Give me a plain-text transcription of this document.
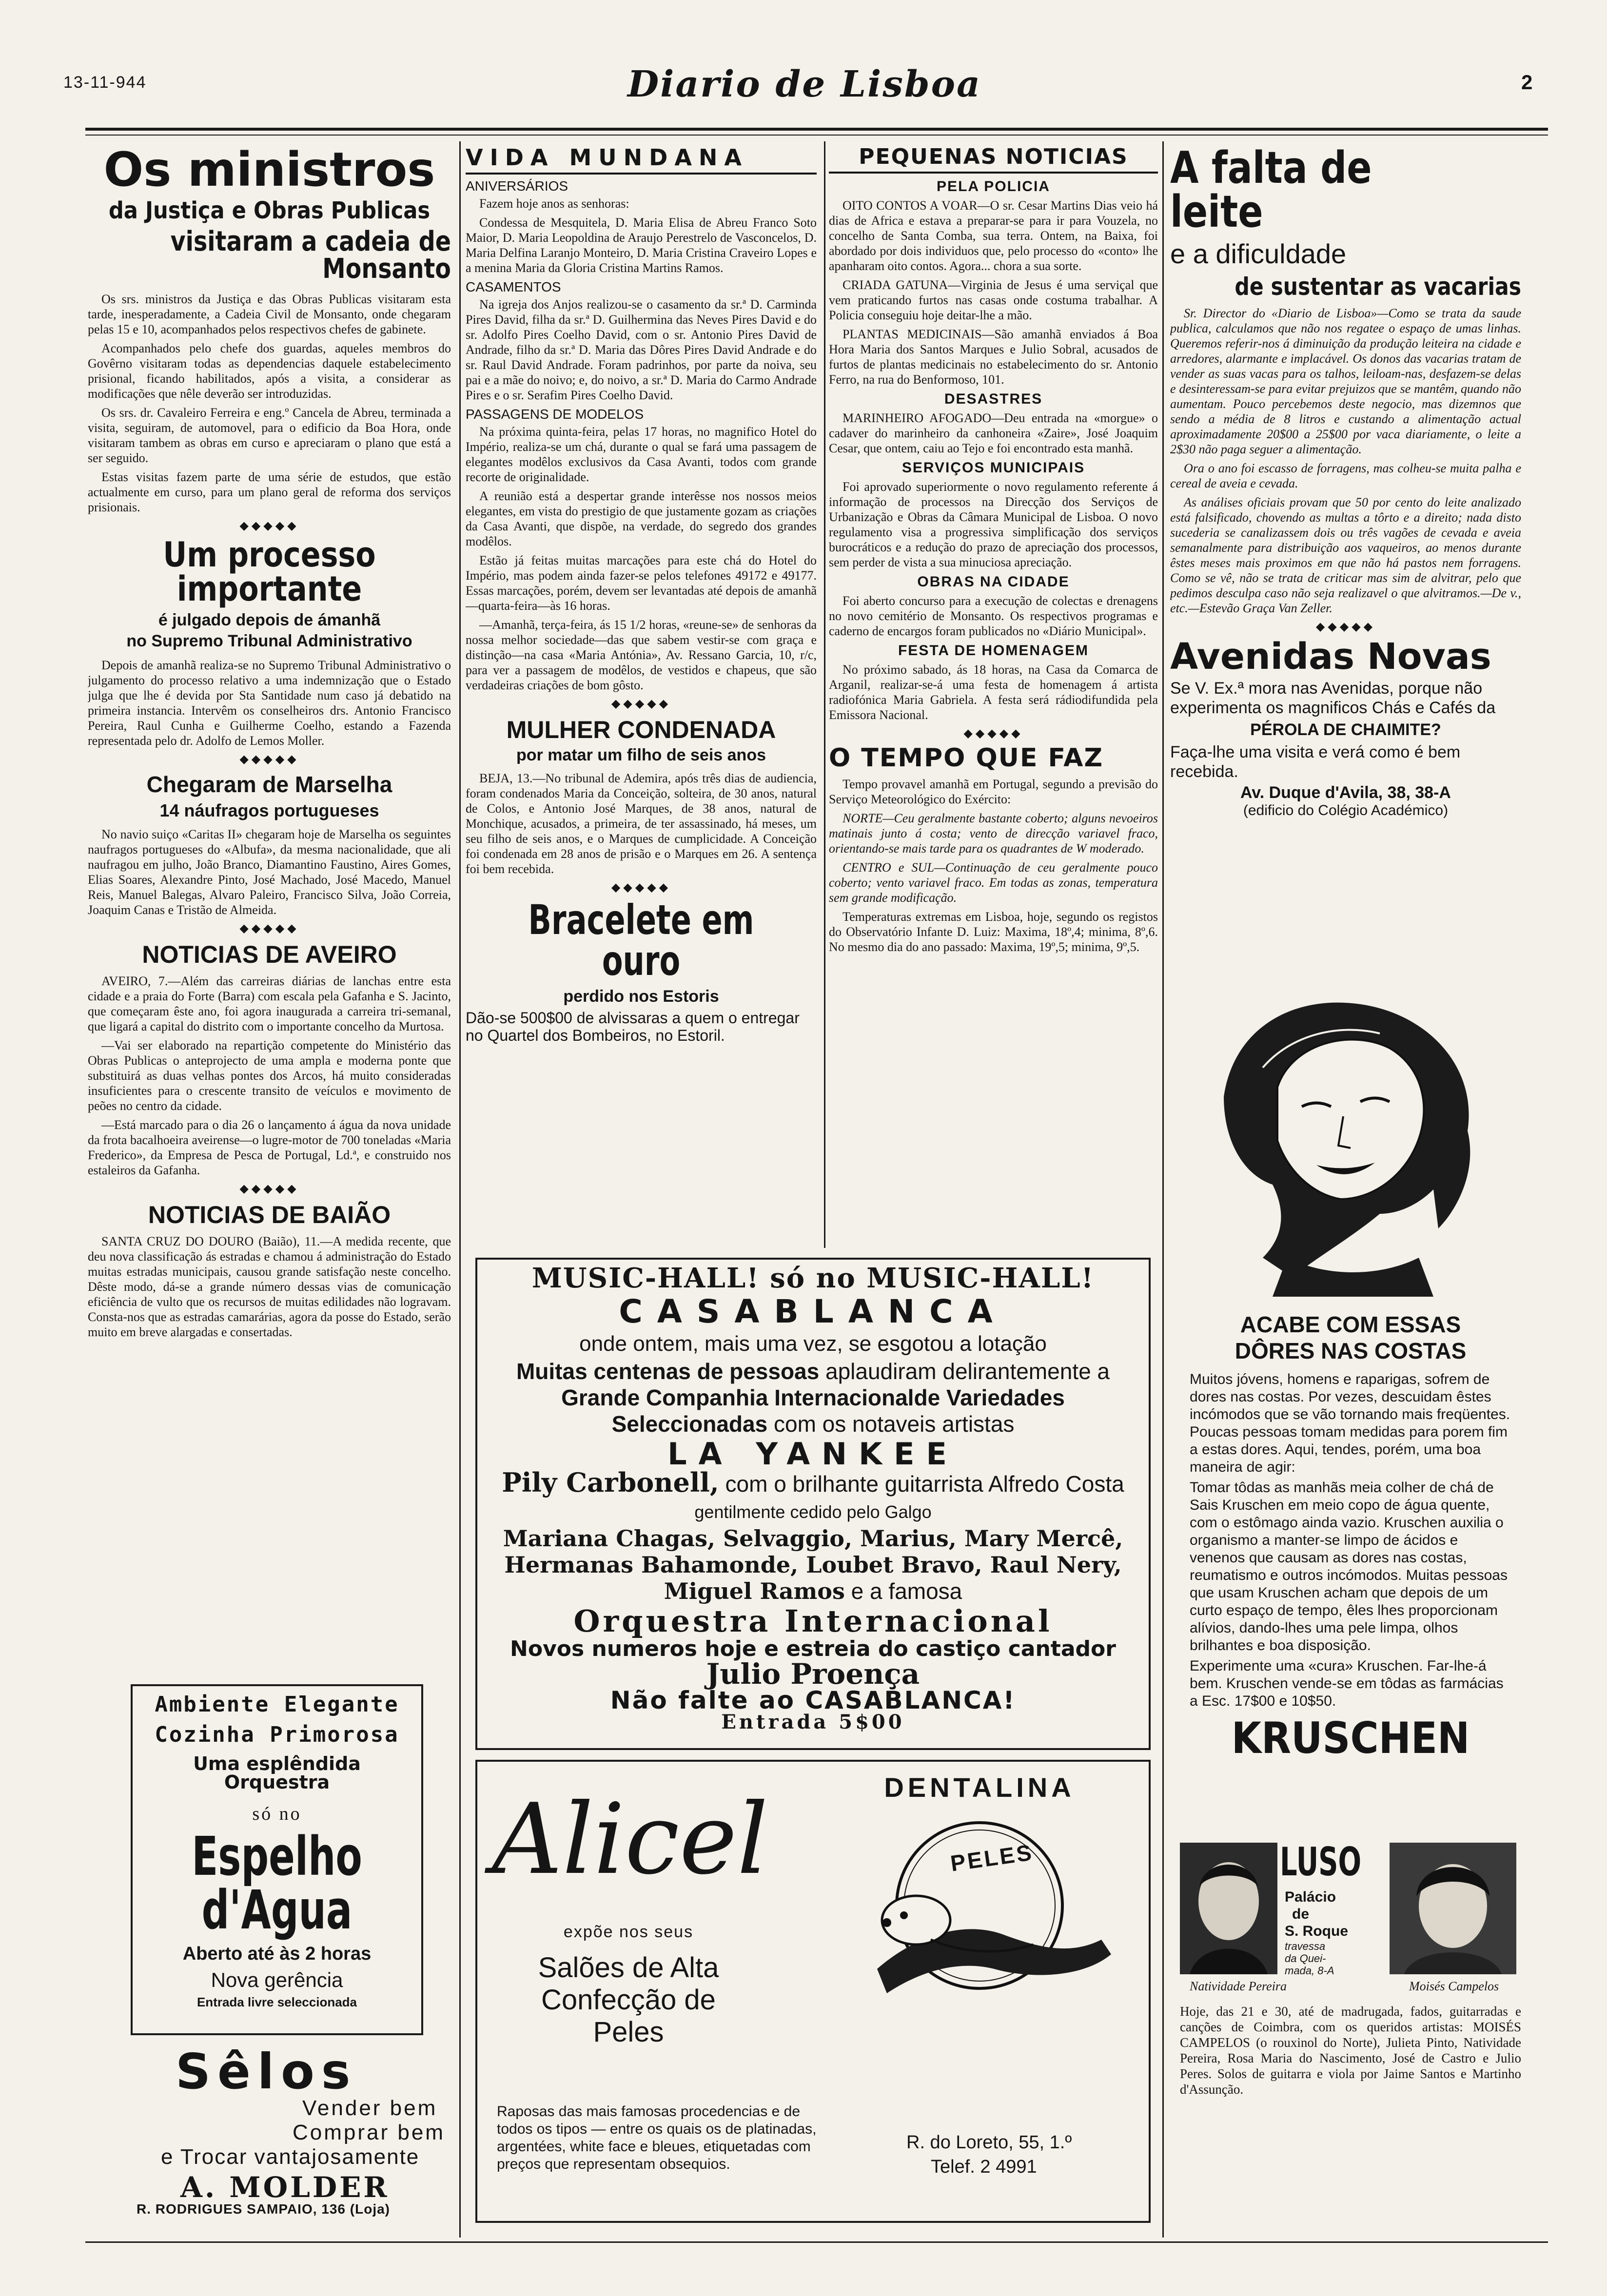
13-11-944	Diario de Lisboa	2
Os ministros
da Justiça e Obras Publicas
visitaram a cadeia de Monsanto

Os srs. ministros da Justiça e das Obras Publicas visitaram esta tarde, inesperadamente, a Cadeia Civil de Monsanto, onde chegaram pelas 15 e 10, acompanhados pelos respectivos chefes de gabinete.

Acompanhados pelo chefe dos guardas, aqueles membros do Govêrno visitaram todas as dependencias daquele estabelecimento prisional, ficando habilitados, após a visita, a considerar as modificações que nêle deverão ser introduzidas.

Os srs. dr. Cavaleiro Ferreira e eng.º Cancela de Abreu, terminada a visita, seguiram, de automovel, para o edificio da Boa Hora, onde visitaram tambem as obras em curso e apreciaram o plano que está a ser seguido.

Estas visitas fazem parte de uma série de estudos, que estão actualmente em curso, para um plano geral de reforma dos serviços prisionais.

◆◆◆◆◆
Um processo importante
é julgado depois de ámanhã
no Supremo Tribunal Administrativo

Depois de amanhã realiza-se no Supremo Tribunal Administrativo o julgamento do processo relativo a uma indemnização que o Estado julga que lhe é devida por Sta Santidade num caso já debatido na primeira instancia. Intervêm os conselheiros drs. Antonio Francisco Pereira, Raul Cunha e Guilherme Coelho, estando a Fazenda representada pelo dr. Adolfo de Lemos Moller.

◆◆◆◆◆
Chegaram de Marselha
14 náufragos portugueses

No navio suiço «Caritas II» chegaram hoje de Marselha os seguintes naufragos portugueses do «Albufa», da mesma nacionalidade, que ali naufragou em julho, João Branco, Diamantino Faustino, Aires Gomes, Elias Soares, Alexandre Pinto, José Machado, José Macedo, Manuel Reis, Manuel Balegas, Alvaro Paleiro, Francisco Silva, João Correia, Joaquim Canas e Tristão de Almeida.

◆◆◆◆◆
NOTICIAS DE AVEIRO

AVEIRO, 7.—Além das carreiras diárias de lanchas entre esta cidade e a praia do Forte (Barra) com escala pela Gafanha e S. Jacinto, que começaram êste ano, foi agora inaugurada a carreira tri-semanal, que ligará a capital do distrito com o importante concelho da Murtosa.

—Vai ser elaborado na repartição competente do Ministério das Obras Publicas o anteprojecto de uma ampla e moderna ponte que substituirá as duas velhas pontes dos Arcos, há muito consideradas insuficientes para o crescente transito de veículos e movimento de peões no centro da cidade.

—Está marcado para o dia 26 o lançamento á água da nova unidade da frota bacalhoeira aveirense—o lugre-motor de 700 toneladas «Maria Frederico», da Empresa de Pesca de Portugal, Ld.ª, e construido nos estaleiros da Gafanha.

◆◆◆◆◆
NOTICIAS DE BAIÃO

SANTA CRUZ DO DOURO (Baião), 11.—A medida recente, que deu nova classificação ás estradas e chamou á administração do Estado muitas estradas municipais, causou grande satisfação neste concelho. Dêste modo, dá-se a grande número dessas vias de comunicação eficiência de vulto que os recursos de muitas edilidades não logravam. Consta-nos que as estradas camarárias, agora da posse do Estado, serão muito em breve alargadas e consertadas.

Ambiente Elegante
Cozinha Primorosa
Uma esplêndida Orquestra
só no
Espelho d'Agua
Aberto até às 2 horas
Nova gerência
Entrada livre seleccionada
Sêlos
Vender bem
Comprar bem
e Trocar vantajosamente
A. MOLDER
R. RODRIGUES SAMPAIO, 136 (Loja)
VIDA MUNDANA
ANIVERSÁRIOS

Fazem hoje anos as senhoras:

Condessa de Mesquitela, D. Maria Elisa de Abreu Franco Soto Maior, D. Maria Leopoldina de Araujo Perestrelo de Vasconcelos, D. Maria Delfina Laranjo Monteiro, D. Maria Cristina Craveiro Lopes e a menina Maria da Gloria Cristina Martins Ramos.

CASAMENTOS

Na igreja dos Anjos realizou-se o casamento da sr.ª D. Carminda Pires David, filha da sr.ª D. Guilhermina das Neves Pires David e do sr. Adolfo Pires Coelho David, com o sr. Antonio Pires David de Andrade, filho da sr.ª D. Maria das Dôres Pires David Andrade e do sr. Raul David Andrade. Foram padrinhos, por parte da noiva, seu pai e a mãe do noivo; e, do noivo, a sr.ª D. Maria do Carmo Andrade Pires e o sr. Serafim Pires Coelho David.

PASSAGENS DE MODELOS

Na próxima quinta-feira, pelas 17 horas, no magnifico Hotel do Império, realiza-se um chá, durante o qual se fará uma passagem de elegantes modêlos exclusivos da Casa Avanti, todos com grande recorte de originalidade.

A reunião está a despertar grande interêsse nos nossos meios elegantes, em vista do prestigio de que justamente gozam as criações da Casa Avanti, que dispõe, na verdade, do segredo dos grandes modêlos.

Estão já feitas muitas marcações para este chá do Hotel do Império, mas podem ainda fazer-se pelos telefones 49172 e 49177. Essas marcações, porém, devem ser levantadas até depois de amanhã—quarta-feira—às 16 horas.

—Amanhã, terça-feira, ás 15 1/2 horas, «reune-se» de senhoras da nossa melhor sociedade—das que sabem vestir-se com graça e distinção—na casa «Maria Antónia», Av. Ressano Garcia, 10, r/c, para ver a passagem de modêlos, de vestidos e chapeus, que são verdadeiras criações de bom gôsto.

◆◆◆◆◆
MULHER CONDENADA
por matar um filho de seis anos

BEJA, 13.—No tribunal de Ademira, após três dias de audiencia, foram condenados Maria da Conceição, solteira, de 30 anos, natural de Colos, e Antonio José Marques, de 38 anos, natural de Monchique, acusados, a primeira, de ter assassinado, há meses, um seu filho de seis anos, e o Marques de cumplicidade. A Conceição foi condenada em 28 anos de prisão e o Marques em 26. A sentença foi bem recebida.

◆◆◆◆◆
Bracelete em ouro
perdido nos Estoris
Dão-se 500$00 de alvissaras a quem o entregar no Quartel dos Bombeiros, no Estoril.
PEQUENAS NOTICIAS
PELA POLICIA

OITO CONTOS A VOAR—O sr. Cesar Martins Dias veio há dias de Africa e estava a preparar-se para ir para Vouzela, no concelho de Santa Comba, sua terra. Ontem, na Baixa, foi abordado por dois individuos que, pelo processo do «conto» lhe apanharam oito contos. Agora... chora a sua sorte.

CRIADA GATUNA—Virginia de Jesus é uma serviçal que vem praticando furtos nas casas onde costuma trabalhar. A Policia conseguiu hoje deitar-lhe a mão.

PLANTAS MEDICINAIS—São amanhã enviados á Boa Hora Maria dos Santos Marques e Julio Sobral, acusados de furtos de plantas medicinais no estabelecimento do sr. Antonio Ferro, na rua do Benformoso, 101.

DESASTRES

MARINHEIRO AFOGADO—Deu entrada na «morgue» o cadaver do marinheiro da canhoneira «Zaire», José Joaquim Cesar, que ontem, caiu ao Tejo e foi encontrado esta manhã.

SERVIÇOS MUNICIPAIS

Foi aprovado superiormente o novo regulamento referente á informação de processos na Direcção dos Serviços de Urbanização e Obras da Câmara Municipal de Lisboa. O novo regulamento visa a progressiva simplificação dos serviços burocráticos e a redução do prazo de apreciação dos processos, sem perder de vista a sua minuciosa apreciação.

OBRAS NA CIDADE

Foi aberto concurso para a execução de colectas e drenagens no novo cemitério de Monsanto. Os respectivos programas e caderno de encargos foram publicados no «Diário Municipal».

FESTA DE HOMENAGEM

No próximo sabado, ás 18 horas, na Casa da Comarca de Arganil, realizar-se-á uma festa de homenagem á artista radiofónica Maria Gabriela. A festa será rádiodifundida pela Emissora Nacional.

◆◆◆◆◆
O TEMPO QUE FAZ

Tempo provavel amanhã em Portugal, segundo a previsão do Serviço Meteorológico do Exército:

NORTE—Ceu geralmente bastante coberto; alguns nevoeiros matinais junto á costa; vento de direcção variavel fraco, orientando-se mais tarde para os quadrantes de W moderado.

CENTRO e SUL—Continuação de ceu geralmente pouco coberto; vento variavel fraco. Em todas as zonas, temperatura sem grande modificação.

Temperaturas extremas em Lisboa, hoje, segundo os registos do Observatório Infante D. Luiz: Maxima, 18º,4; minima, 8º,6. No mesmo dia do ano passado: Maxima, 19º,5; minima, 9º,5.

MUSIC-HALL! só no MUSIC-HALL!
CASABLANCA
onde ontem, mais uma vez, se esgotou a lotação
Muitas centenas de pessoas aplaudiram delirantemente a Grande Companhia Internacionalde Variedades Seleccionadas com os notaveis artistas
LA YANKEE
Pily Carbonell, com o brilhante guitarrista Alfredo Costa gentilmente cedido pelo Galgo
Mariana Chagas, Selvaggio, Marius, Mary Mercê, Hermanas Bahamonde, Loubet Bravo, Raul Nery, Miguel Ramos e a famosa
Orquestra Internacional
Novos numeros hoje e estreia do castiço cantador
Julio Proença
Não falte ao CASABLANCA!
Entrada 5$00
Alicel
expõe nos seus
Salões de Alta Confecção de Peles
DENTALINA
PELES
Raposas das mais famosas procedencias e de todos os tipos — entre os quais os de platinadas, argentées, white face e bleues, etiquetadas com preços que representam obsequios.
R. do Loreto, 55, 1.º
Telef. 2 4991
A falta de leite
e a dificuldade
de sustentar as vacarias

Sr. Director do «Diario de Lisboa»—Como se trata da saude publica, calculamos que não nos regatee o espaço de umas linhas. Queremos referir-nos á diminuição da produção leiteira na cidade e arredores, alarmante e implacável. Os donos das vacarias tratam de vender as suas vacas para os talhos, leiloam-nas, desfazem-se delas e desinteressam-se para evitar prejuizos que se mantêm, quando não aumentam. Pouco percebemos deste negocio, mas dizemnos que sendo a média de 8 litros e custando a alimentação actual aproximadamente 20$00 a 25$00 por vaca diariamente, o leite a 2$30 não paga seguer a alimentação.

Ora o ano foi escasso de forragens, mas colheu-se muita palha e cereal de aveia e cevada.

As análises oficiais provam que 50 por cento do leite analizado está falsificado, chovendo as multas a tôrto e a direito; nada disto sucederia se canalizassem dois ou três vagões de cevada e aveia semanalmente para distribuição aos vaqueiros, ao menos durante êstes meses mais proximos em que não há pastos nem forragens. Como se vê, não se trata de criticar mas sim de alvitrar, pelo que pedimos desculpa caso não seja realizavel o que alvitramos.—De v., etc.—Estevão Graça Van Zeller.

◆◆◆◆◆
Avenidas Novas
Se V. Ex.ª mora nas Avenidas, porque não experimenta os magnificos Chás e Cafés da
PÉROLA DE CHAIMITE?
Faça-lhe uma visita e verá como é bem recebida.
Av. Duque d'Avila, 38, 38-A
(edificio do Colégio Académico)
ACABE COM ESSAS
DÔRES NAS COSTAS
Muitos jóvens, homens e raparigas, sofrem de dores nas costas. Por vezes, descuidam êstes incómodos que se vão tornando mais freqüentes. Poucas pessoas tomam medidas para porem fim a estas dores. Aqui, tendes, porém, uma boa maneira de agir:
Tomar tôdas as manhãs meia colher de chá de Sais Kruschen em meio copo de água quente, com o estômago ainda vazio. Kruschen auxilia o organismo a manter-se limpo de ácidos e venenos que causam as dores nas costas, reumatismo e outros incómodos. Muitas pessoas que usam Kruschen acham que depois de um curto espaço de tempo, êles lhes proporcionam alívios, dando-lhes uma pele limpa, olhos brilhantes e boa disposição.
Experimente uma «cura» Kruschen. Far-lhe-á bem. Kruschen vende-se em tôdas as farmácias a Esc. 17$00 e 10$50.
KRUSCHEN
LUSO
Palácio
de
S. Roque
travessa
da Quei-
mada, 8-A
Natividade Pereira	Moisés Campelos
Hoje, das 21 e 30, até de madrugada, fados, guitarradas e canções de Coimbra, com os queridos artistas: MOISÉS CAMPELOS (o rouxinol do Norte), Julieta Pinto, Natividade Pereira, Rosa Maria do Nascimento, José de Castro e Julio Peres. Solos de guitarra e viola por Jaime Santos e Martinho d'Assunção.
